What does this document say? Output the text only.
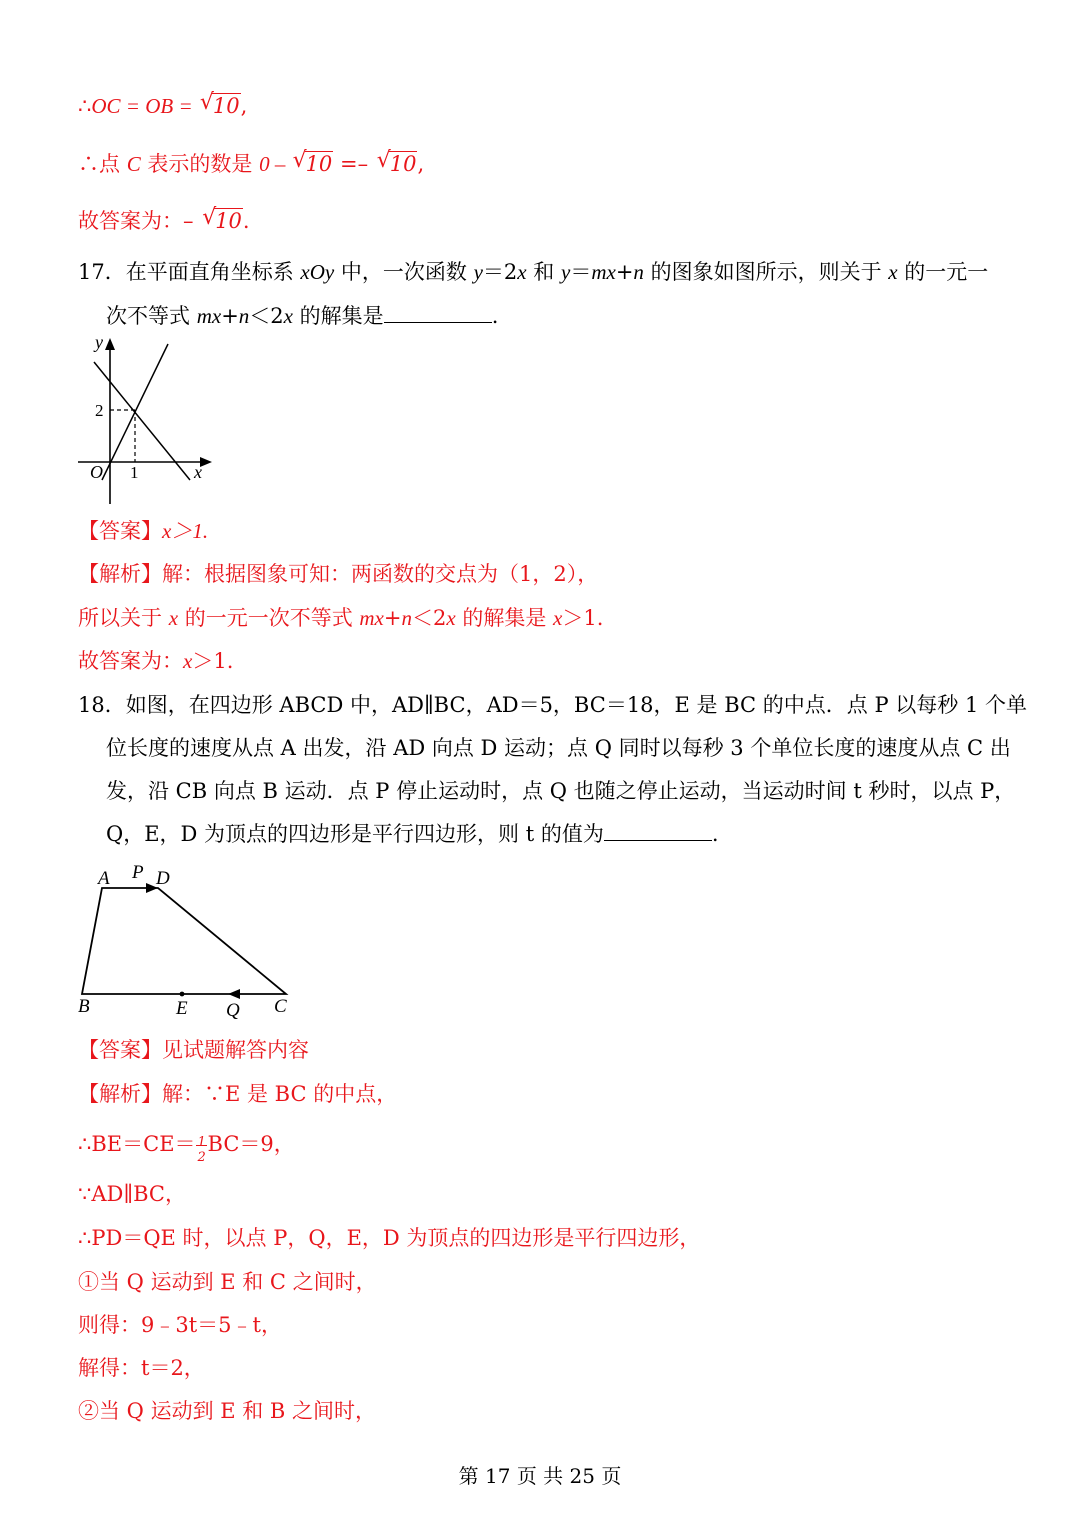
∴OC = OB = √
10,
∴点 C 表示的数是 0 – √
10 =– √
10,
故答案为：– √
10.
17．在平面直角坐标系 xOy 中，一次函数 y＝2x 和 y＝mx+n 的图象如图所示，则关于 x 的一元一
次不等式 mx+n＜2x 的解集是	.
y
x
O 1
2
【答案】x＞1.
【解析】解：根据图象可知：两函数的交点为（1，2），
所以关于 x 的一元一次不等式 mx+n＜2x 的解集是 x＞1.
故答案为：x＞1.
18．如图，在四边形 ABCD 中，AD∥BC，AD＝5，BC＝18，E 是 BC 的中点．点 P 以每秒 1 个单
位长度的速度从点 A 出发，沿 AD 向点 D 运动；点 Q 同时以每秒 3 个单位长度的速度从点 C 出
发，沿 CB 向点 B 运动．点 P 停止运动时，点 Q 也随之停止运动，当运动时间 t 秒时，以点 P，
Q，E，D 为顶点的四边形是平行四边形，则 t 的值为	.
A P D
B	E Q C
【答案】见试题解答内容
【解析】解：∵E 是 BC 的中点，
∴BE＝CE＝ 1
2
BC＝9，
∵AD∥BC，
∴PD＝QE 时，以点 P，Q，E，D 为顶点的四边形是平行四边形，
①当 Q 运动到 E 和 C 之间时，
则得：9﹣3t＝5﹣t，
解得：t＝2，
②当 Q 运动到 E 和 B 之间时，
第 17 页 共 25 页
